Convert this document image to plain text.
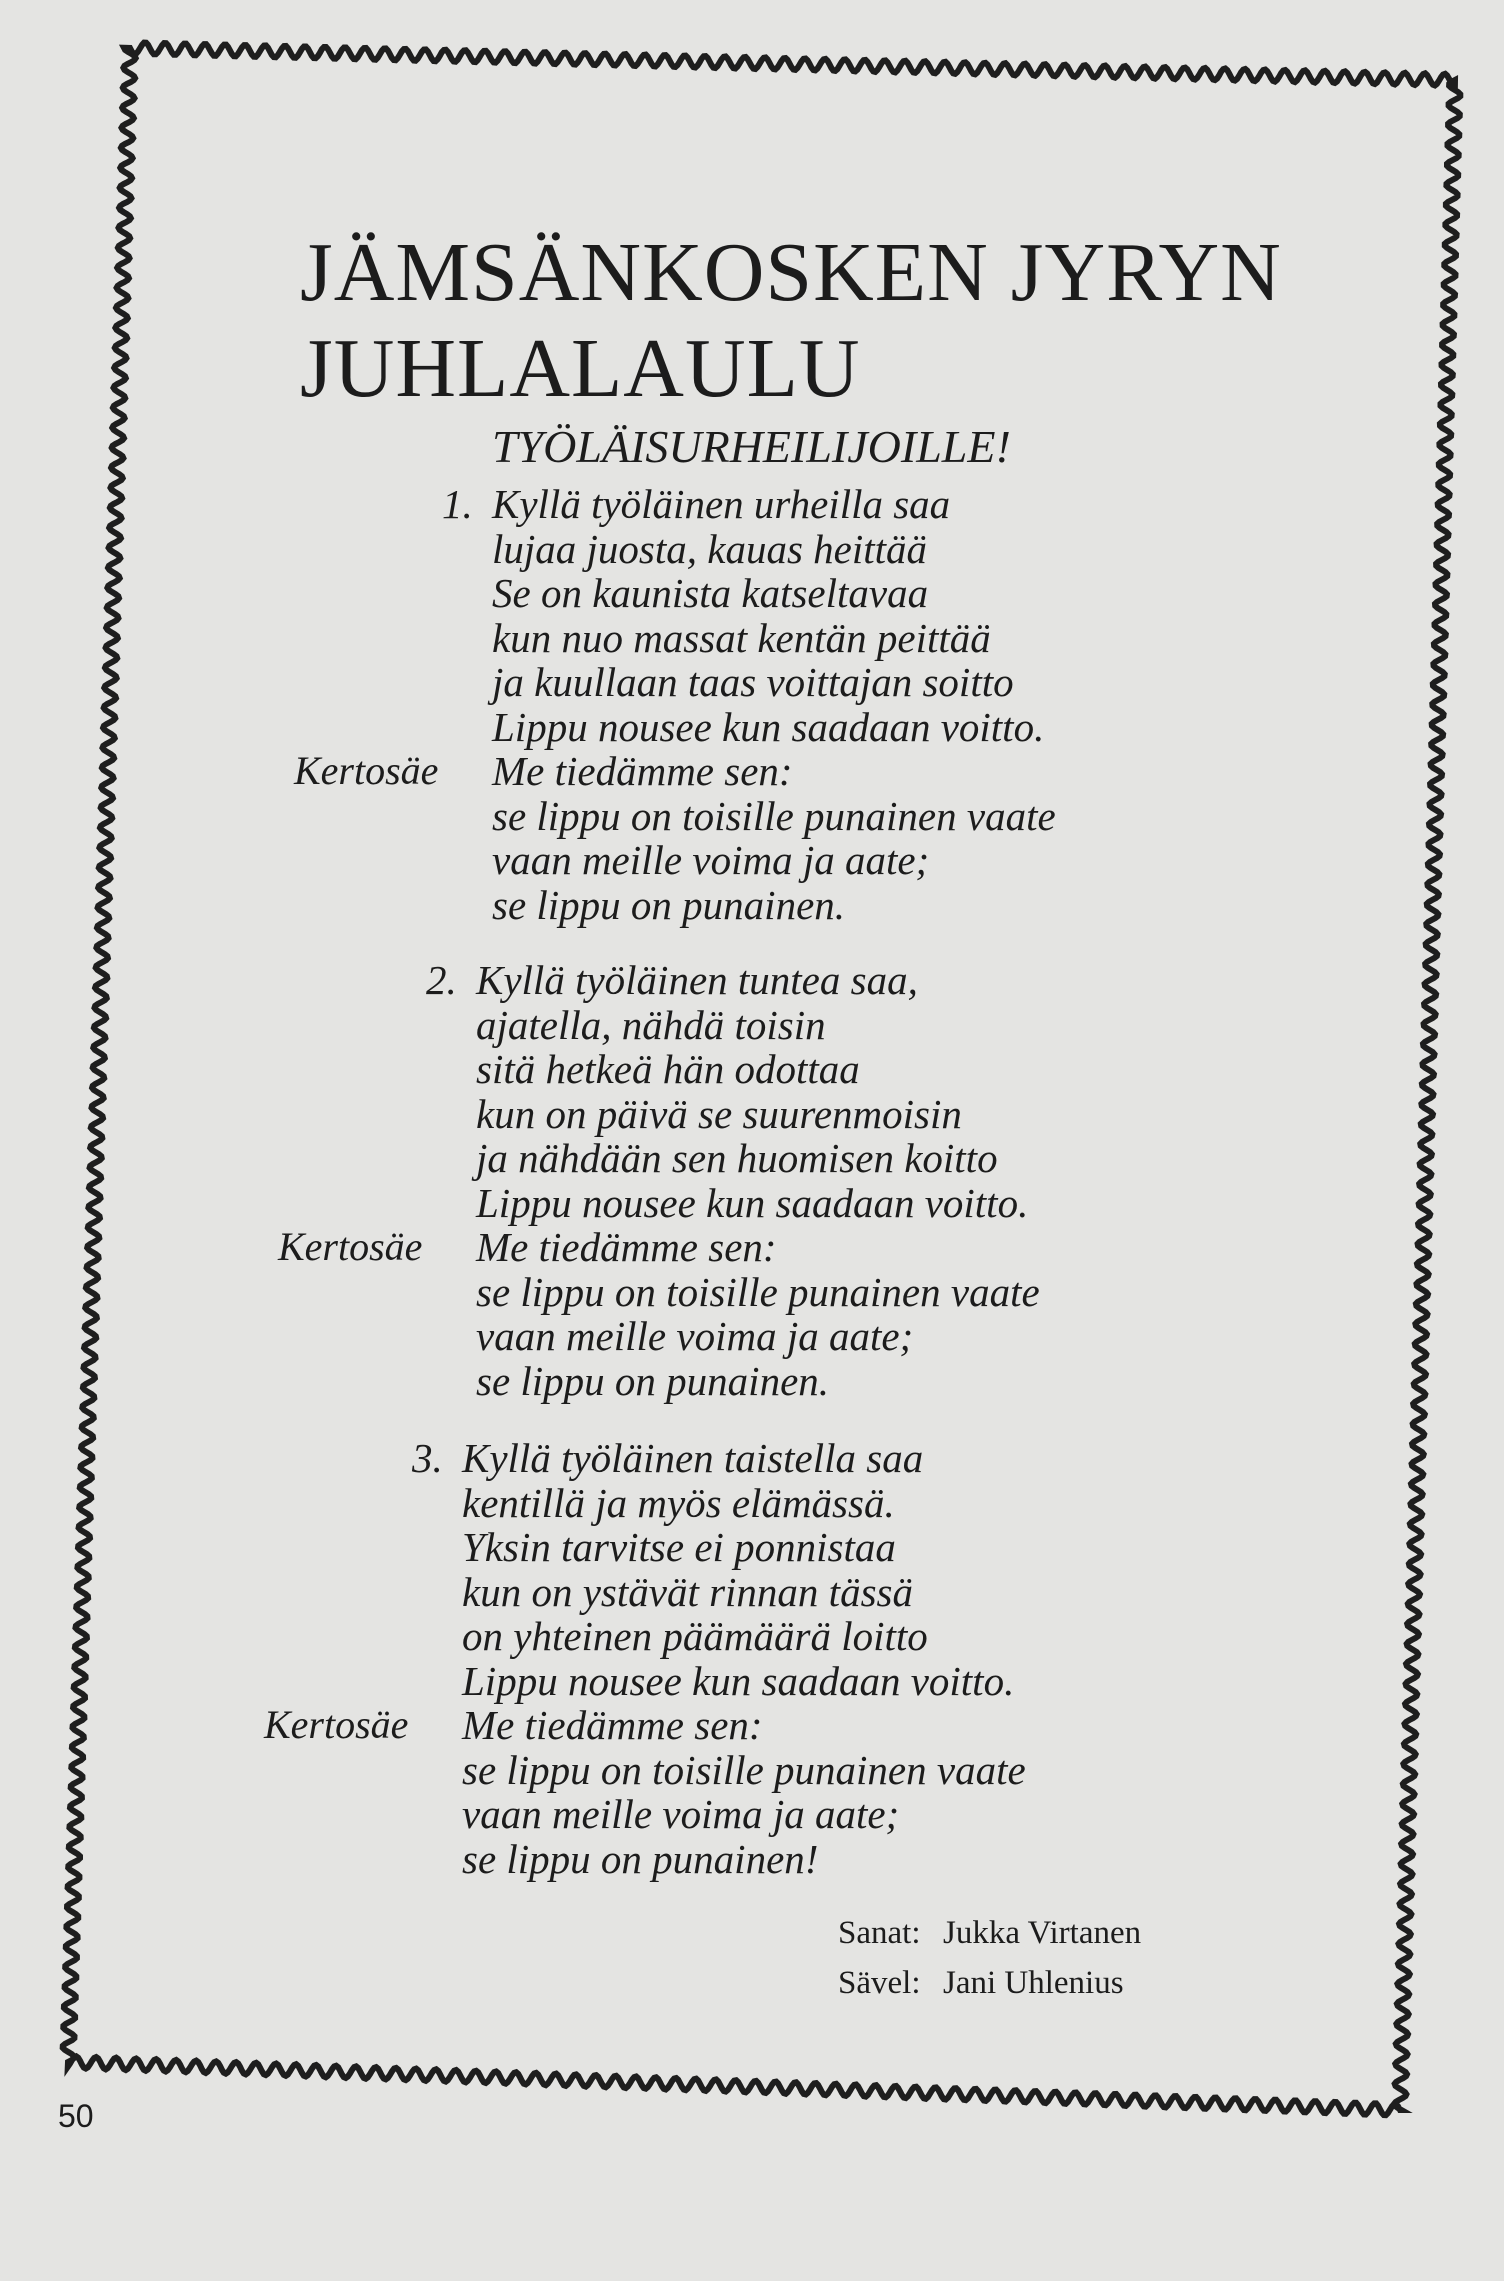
JÄMSÄNKOSKEN JYRYN
JUHLALAULU
TYÖLÄISURHEILIJOILLE!
1. Kyllä työläinen urheilla saa
lujaa juosta, kauas heittää
Se on kaunista katseltavaa
kun nuo massat kentän peittää
ja kuullaan taas voittajan soitto
Lippu nousee kun saadaan voitto.
Kertosäe Me tiedämme sen:
se lippu on toisille punainen vaate
vaan meille voima ja aate;
se lippu on punainen.
2. Kyllä työläinen tuntea saa,
ajatella, nähdä toisin
sitä hetkeä hän odottaa
kun on päivä se suurenmoisin
ja nähdään sen huomisen koitto
Lippu nousee kun saadaan voitto.
Kertosäe Me tiedämme sen:
se lippu on toisille punainen vaate
vaan meille voima ja aate;
se lippu on punainen.
3. Kyllä työläinen taistella saa
kentillä ja myös elämässä.
Yksin tarvitse ei ponnistaa
kun on ystävät rinnan tässä
on yhteinen päämäärä loitto
Lippu nousee kun saadaan voitto.
Kertosäe Me tiedämme sen:
se lippu on toisille punainen vaate
vaan meille voima ja aate;
se lippu on punainen!
Sanat: Jukka Virtanen
Sävel: Jani Uhlenius
50
